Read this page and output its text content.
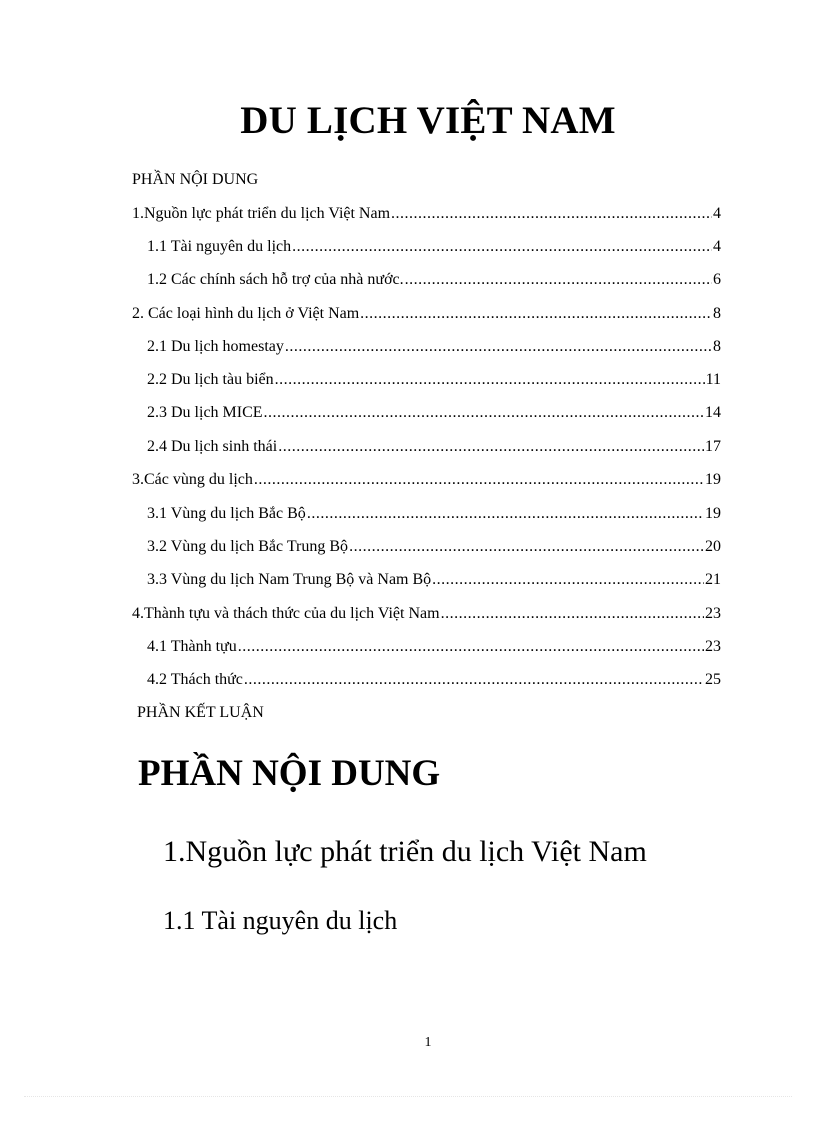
DU LỊCH VIỆT NAM
PHẦN NỘI DUNG
1.Nguồn lực phát triển du lịch Việt Nam .....	4
1.1 Tài nguyên du lịch .....	4
1.2 Các chính sách hỗ trợ của nhà nước. .....	6
2. Các loại hình du lịch ở Việt Nam .....	8
2.1 Du lịch homestay .....	8
2.2 Du lịch tàu biển .....	11
2.3 Du lịch MICE .....	14
2.4 Du lịch sinh thái .....	17
3.Các vùng du lịch .....	19
3.1 Vùng du lịch Bắc Bộ .....	19
3.2 Vùng du lịch Bắc Trung Bộ .....	20
3.3 Vùng du lịch Nam Trung Bộ và Nam Bộ .....	21
4.Thành tựu và thách thức của du lịch Việt Nam .....	23
4.1 Thành tựu .....	23
4.2 Thách thức .....	25
PHẦN KẾT LUẬN
PHẦN NỘI DUNG
1.Nguồn lực phát triển du lịch Việt Nam
1.1 Tài nguyên du lịch
1
